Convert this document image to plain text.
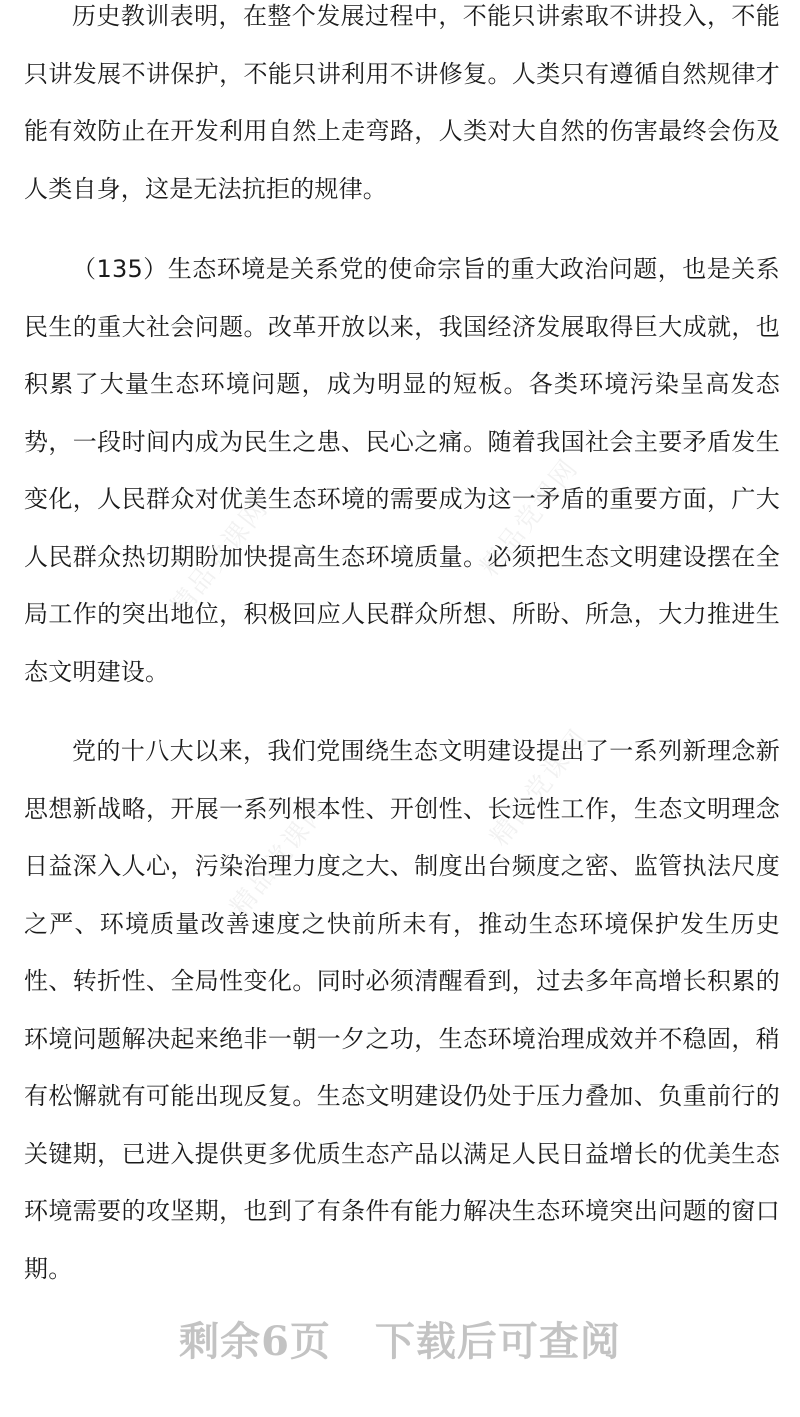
历史教训表明，在整个发展过程中，不能只讲索取不讲投入，不能只讲发展不讲保护，不能只讲利用不讲修复。人类只有遵循自然规律才能有效防止在开发利用自然上走弯路，人类对大自然的伤害最终会伤及人类自身，这是无法抗拒的规律。

（135）生态环境是关系党的使命宗旨的重大政治问题，也是关系民生的重大社会问题。改革开放以来，我国经济发展取得巨大成就，也积累了大量生态环境问题，成为明显的短板。各类环境污染呈高发态势，一段时间内成为民生之患、民心之痛。随着我国社会主要矛盾发生变化，人民群众对优美生态环境的需要成为这一矛盾的重要方面，广大人民群众热切期盼加快提高生态环境质量。必须把生态文明建设摆在全局工作的突出地位，积极回应人民群众所想、所盼、所急，大力推进生态文明建设。

党的十八大以来，我们党围绕生态文明建设提出了一系列新理念新思想新战略，开展一系列根本性、开创性、长远性工作，生态文明理念日益深入人心，污染治理力度之大、制度出台频度之密、监管执法尺度之严、环境质量改善速度之快前所未有，推动生态环境保护发生历史性、转折性、全局性变化。同时必须清醒看到，过去多年高增长积累的环境问题解决起来绝非一朝一夕之功，生态环境治理成效并不稳固，稍有松懈就有可能出现反复。生态文明建设仍处于压力叠加、负重前行的关键期，已进入提供更多优质生态产品以满足人民日益增长的优美生态环境需要的攻坚期，也到了有条件有能力解决生态环境突出问题的窗口期。

精品党课网	精品党课网
精品党课网
精品党课网
剩余6页 下载后可查阅
